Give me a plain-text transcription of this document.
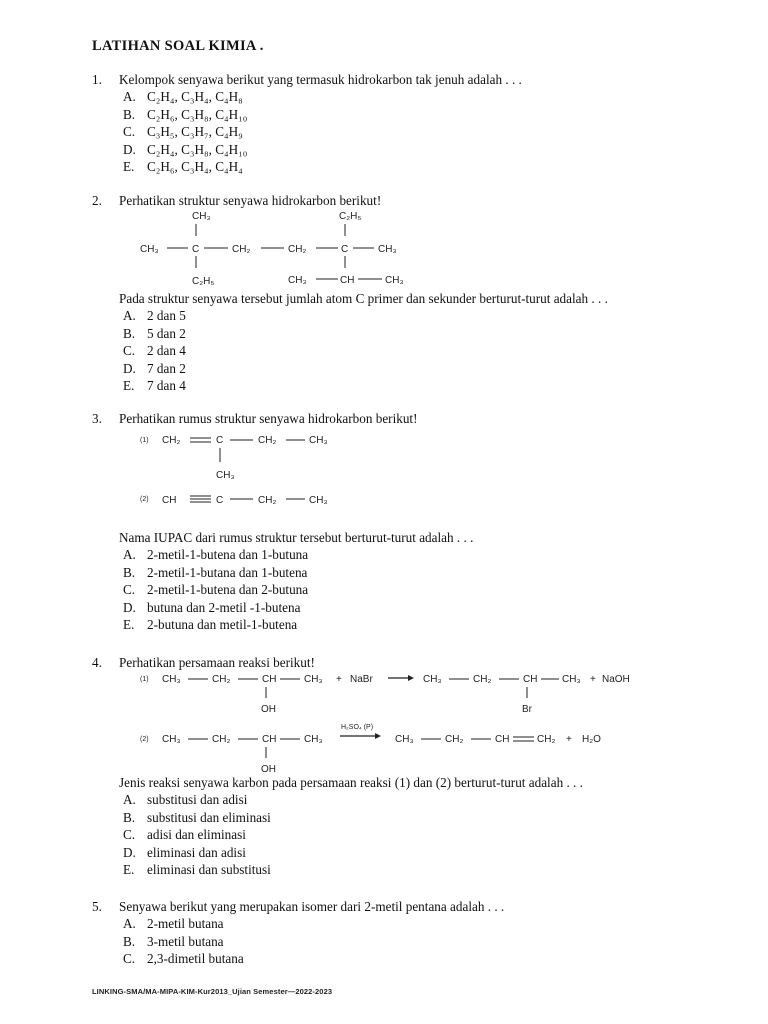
LATIHAN SOAL KIMIA .
1. Kelompok senyawa berikut yang termasuk hidrokarbon tak jenuh adalah . . .
A. C₂H₄, C₃H₄, C₄H₈
B. C₂H₆, C₃H₈, C₄H₁₀
C. C₃H₅, C₃H₇, C₄H₉
D. C₂H₄, C₃H₈, C₄H₁₀
E. C₂H₆, C₃H₄, C₄H₄
2. Perhatikan struktur senyawa hidrokarbon berikut!
CH₃	C₂H₅
CH₃	C	CH₂	CH₂	C	CH₃
C₂H₅	CH₃	CH	CH₃
Pada struktur senyawa tersebut jumlah atom C primer dan sekunder berturut-turut adalah . . .
A. 2 dan 5
B. 5 dan 2
C. 2 dan 4
D. 7 dan 2
E. 7 dan 4
3. Perhatikan rumus struktur senyawa hidrokarbon berikut!
(1) CH₂	C	CH₂	CH₃
CH₃
(2) CH	C	CH₂	CH₃
Nama IUPAC dari rumus struktur tersebut berturut-turut adalah . . .
A. 2-metil-1-butena dan 1-butuna
B. 2-metil-1-butana dan 1-butena
C. 2-metil-1-butena dan 2-butuna
D. butuna dan 2-metil -1-butena
E. 2-butuna dan metil-1-butena
4. Perhatikan persamaan reaksi berikut!
(1) CH₃	CH₂	CH	CH₃
OH
+ NaBr	CH₃	CH₂	CH CH₃
Br
+ NaOH
H₂SO₄ (P)
(2) CH₃	CH₂	CH	CH₃
OH
CH₃	CH₂	CH	CH₂ + H₂O
Jenis reaksi senyawa karbon pada persamaan reaksi (1) dan (2) berturut-turut adalah . . .
A. substitusi dan adisi
B. substitusi dan eliminasi
C. adisi dan eliminasi
D. eliminasi dan adisi
E. eliminasi dan substitusi
5. Senyawa berikut yang merupakan isomer dari 2-metil pentana adalah . . .
A. 2-metil butana
B. 3-metil butana
C. 2,3-dimetil butana
LINKING-SMA/MA-MIPA-KIM-Kur2013_Ujian Semester—2022-2023
